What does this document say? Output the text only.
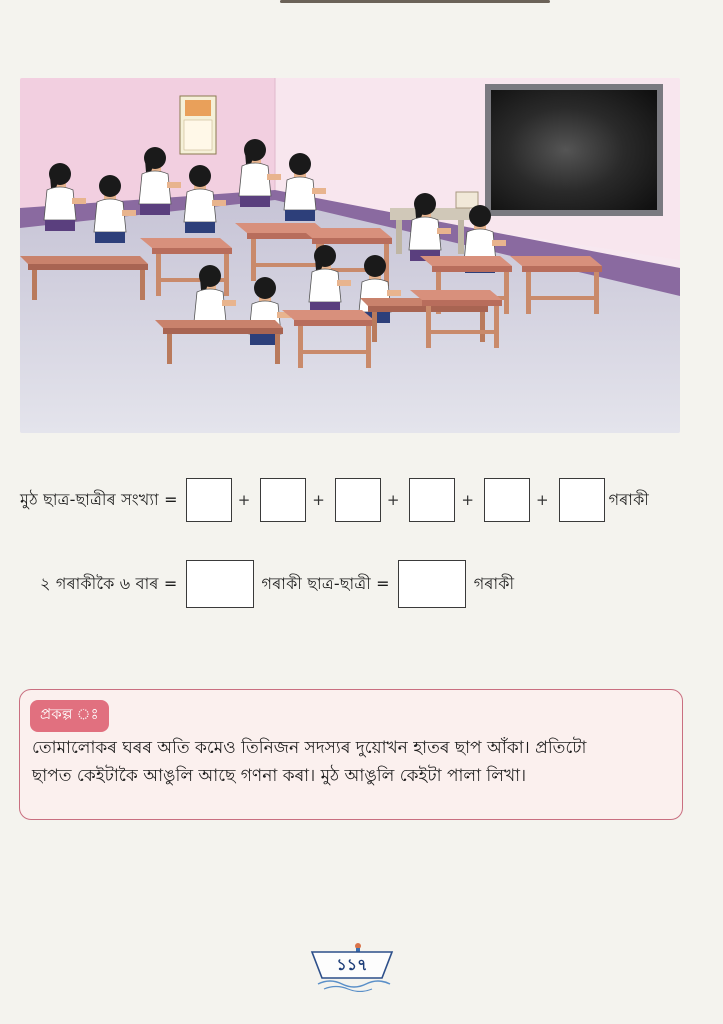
মুঠ ছাত্ৰ-ছাত্ৰীৰ সংখ্যা =	+	+	+	+	+	গৰাকী
২ গৰাকীকৈ ৬ বাৰ =	গৰাকী ছাত্ৰ-ছাত্ৰী =	গৰাকী
প্ৰকল্প ঃ
তোমালোকৰ ঘৰৰ অতি কমেও তিনিজন সদস্যৰ দুয়োখন হাতৰ ছাপ আঁকা। প্ৰতিটো
ছাপত কেইটাকৈ আঙুলি আছে গণনা কৰা। মুঠ আঙুলি কেইটা পালা লিখা।
১১৭
